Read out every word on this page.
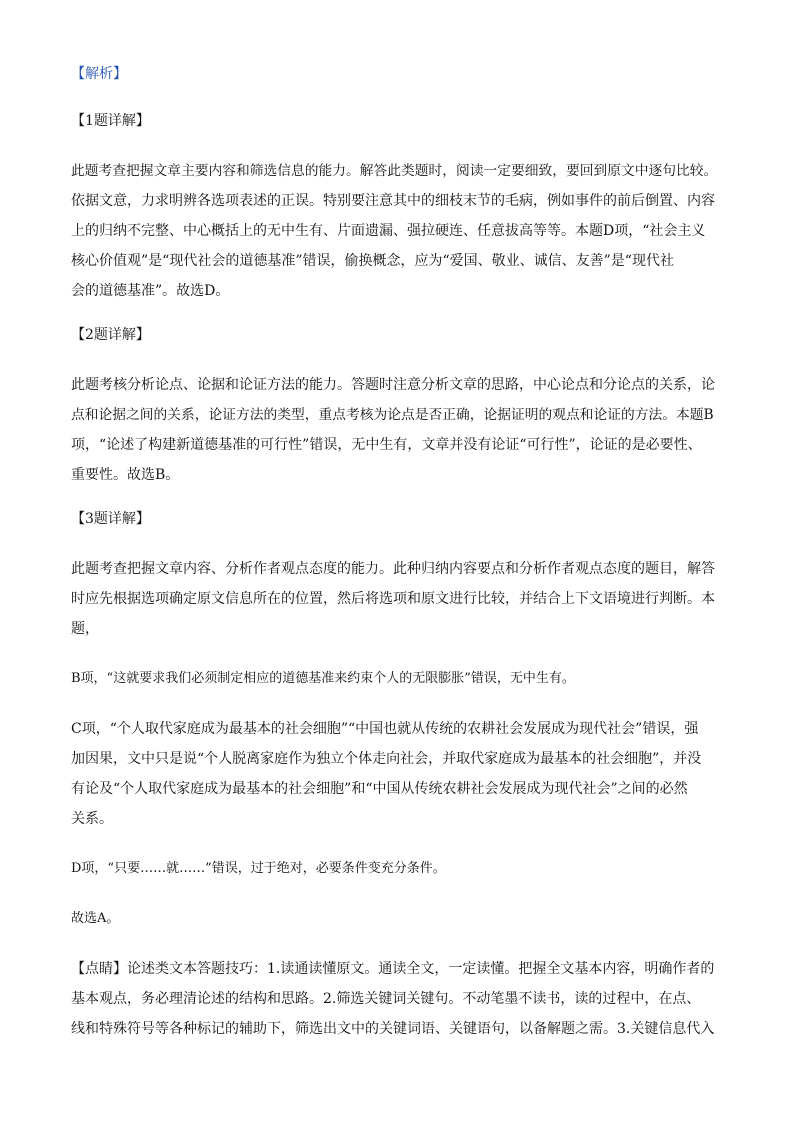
【解析】

【1题详解】

此题考查把握文章主要内容和筛选信息的能力。解答此类题时，阅读一定要细致，要回到原文中逐句比较。
依据文意，力求明辨各选项表述的正误。特别要注意其中的细枝末节的毛病，例如事件的前后倒置、内容
上的归纳不完整、中心概括上的无中生有、片面遗漏、强拉硬连、任意拔高等等。本题D项，“社会主义
核心价值观”是“现代社会的道德基准”错误，偷换概念，应为“爱国、敬业、诚信、友善”是“现代社
会的道德基准”。故选D。

【2题详解】

此题考核分析论点、论据和论证方法的能力。答题时注意分析文章的思路，中心论点和分论点的关系，论
点和论据之间的关系，论证方法的类型，重点考核为论点是否正确，论据证明的观点和论证的方法。本题B
项，“论述了构建新道德基准的可行性”错误，无中生有，文章并没有论证“可行性”，论证的是必要性、
重要性。故选B。

【3题详解】

此题考查把握文章内容、分析作者观点态度的能力。此种归纳内容要点和分析作者观点态度的题目，解答
时应先根据选项确定原文信息所在的位置，然后将选项和原文进行比较，并结合上下文语境进行判断。本
题，

B项，“这就要求我们必须制定相应的道德基准来约束个人的无限膨胀”错误，无中生有。

C项，“个人取代家庭成为最基本的社会细胞”“中国也就从传统的农耕社会发展成为现代社会”错误，强
加因果，文中只是说“个人脱离家庭作为独立个体走向社会，并取代家庭成为最基本的社会细胞”，并没
有论及“个人取代家庭成为最基本的社会细胞”和“中国从传统农耕社会发展成为现代社会”之间的必然
关系。

D项，“只要……就……”错误，过于绝对，必要条件变充分条件。

故选A。

【点睛】论述类文本答题技巧：1.读通读懂原文。通读全文，一定读懂。把握全文基本内容，明确作者的
基本观点，务必理清论述的结构和思路。2.筛选关键词关键句。不动笔墨不读书，读的过程中，在点、
线和特殊符号等各种标记的辅助下，筛选出文中的关键词语、关键语句，以备解题之需。3.关键信息代入
